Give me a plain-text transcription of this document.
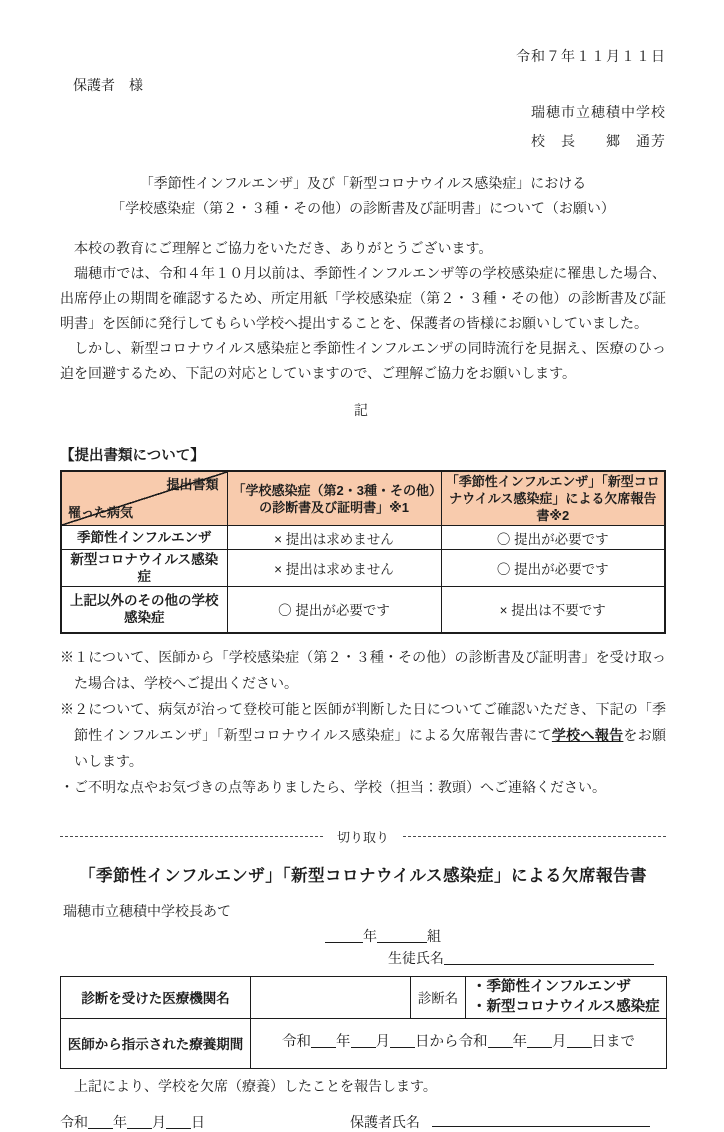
令和７年１１月１１日
保護者　様
瑞穂市立穂積中学校
校　長　　郷　通芳
「季節性インフルエンザ」及び「新型コロナウイルス感染症」における
「学校感染症（第２・３種・その他）の診断書及び証明書」について（お願い）

本校の教育にご理解とご協力をいただき、ありがとうございます。

瑞穂市では、令和４年１０月以前は、季節性インフルエンザ等の学校感染症に罹患した場合、出席停止の期間を確認するため、所定用紙「学校感染症（第２・３種・その他）の診断書及び証明書」を医師に発行してもらい学校へ提出することを、保護者の皆様にお願いしていました。

しかし、新型コロナウイルス感染症と季節性インフルエンザの同時流行を見据え、医療のひっ迫を回避するため、下記の対応としていますので、ご理解ご協力をお願いします。

記
【提出書類について】
提出書類
罹った病気	「学校感染症（第2・3種・その他）の診断書及び証明書」※1	「季節性インフルエンザ」「新型コロナウイルス感染症」による欠席報告書※2
季節性インフルエンザ	× 提出は求めません	〇 提出が必要です
新型コロナウイルス感染症	× 提出は求めません	〇 提出が必要です
上記以外のその他の学校感染症	〇 提出が必要です	× 提出は不要です
※１について、医師から「学校感染症（第２・３種・その他）の診断書及び証明書」を受け取った場合は、学校へご提出ください。
※２について、病気が治って登校可能と医師が判断した日についてご確認いただき、下記の「季節性インフルエンザ」「新型コロナウイルス感染症」による欠席報告書にて学校へ報告をお願いします。
・ご不明な点やお気づきの点等ありましたら、学校（担当：教頭）へご連絡ください。
切り取り
「季節性インフルエンザ」「新型コロナウイルス感染症」による欠席報告書
瑞穂市立穂積中学校長あて
年	組
生徒氏名
診断を受けた医療機関名		診断名	・季節性インフルエンザ
・新型コロナウイルス感染症

医師から指示された療養期間	令和 年 月 日から令和 年 月 日まで		
上記により、学校を欠席（療養）したことを報告します。
令和 年 月 日	保護者氏名
